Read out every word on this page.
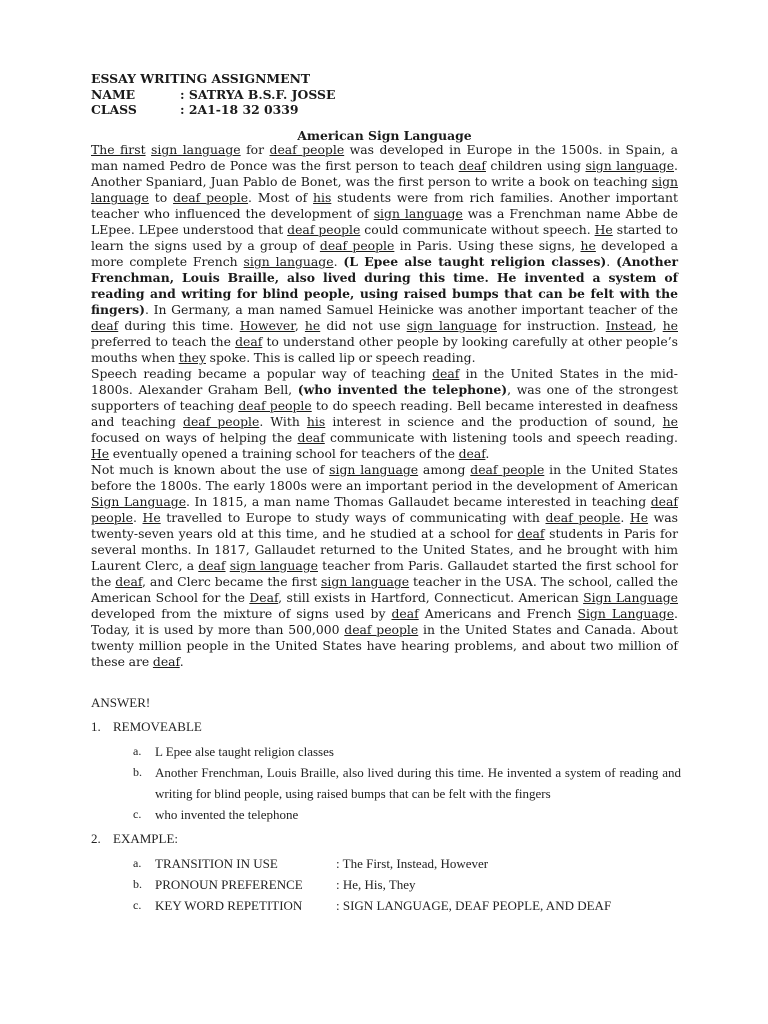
ESSAY WRITING ASSIGNMENT
NAME	: SATRYA B.S.F. JOSSE
CLASS	: 2A1-18 32 0339
American Sign Language

The first sign language for deaf people was developed in Europe in the 1500s. in Spain, a man named Pedro de Ponce was the first person to teach deaf children using sign language. Another Spaniard, Juan Pablo de Bonet, was the first person to write a book on teaching sign language to deaf people. Most of his students were from rich families. Another important teacher who influenced the development of sign language was a Frenchman name Abbe de LEpee. LEpee understood that deaf people could communicate without speech. He started to learn the signs used by a group of deaf people in Paris. Using these signs, he developed a more complete French sign language. (L Epee alse taught religion classes). (Another Frenchman, Louis Braille, also lived during this time. He invented a system of reading and writing for blind people, using raised bumps that can be felt with the fingers). In Germany, a man named Samuel Heinicke was another important teacher of the deaf during this time. However, he did not use sign language for instruction. Instead, he preferred to teach the deaf to understand other people by looking carefully at other people’s mouths when they spoke. This is called lip or speech reading.

Speech reading became a popular way of teaching deaf in the United States in the mid-1800s. Alexander Graham Bell, (who invented the telephone), was one of the strongest supporters of teaching deaf people to do speech reading. Bell became interested in deafness and teaching deaf people. With his interest in science and the production of sound, he focused on ways of helping the deaf communicate with listening tools and speech reading. He eventually opened a training school for teachers of the deaf.

Not much is known about the use of sign language among deaf people in the United States before the 1800s. The early 1800s were an important period in the development of American Sign Language. In 1815, a man name Thomas Gallaudet became interested in teaching deaf people. He travelled to Europe to study ways of communicating with deaf people. He was twenty-seven years old at this time, and he studied at a school for deaf students in Paris for several months. In 1817, Gallaudet returned to the United States, and he brought with him Laurent Clerc, a deaf sign language teacher from Paris. Gallaudet started the first school for the deaf, and Clerc became the first sign language teacher in the USA. The school, called the American School for the Deaf, still exists in Hartford, Connecticut. American Sign Language developed from the mixture of signs used by deaf Americans and French Sign Language. Today, it is used by more than 500,000 deaf people in the United States and Canada. About twenty million people in the United States have hearing problems, and about two million of these are deaf.

ANSWER!
1. REMOVEABLE
a.	L Epee alse taught religion classes
b.	Another Frenchman, Louis Braille, also lived during this time. He invented a system of reading and writing for blind people, using raised bumps that can be felt with the fingers
c.	who invented the telephone
2. EXAMPLE:
a.	TRANSITION IN USE	: The First, Instead, However
b.	PRONOUN PREFERENCE	: He, His, They
c.	KEY WORD REPETITION	: SIGN LANGUAGE, DEAF PEOPLE, AND DEAF
